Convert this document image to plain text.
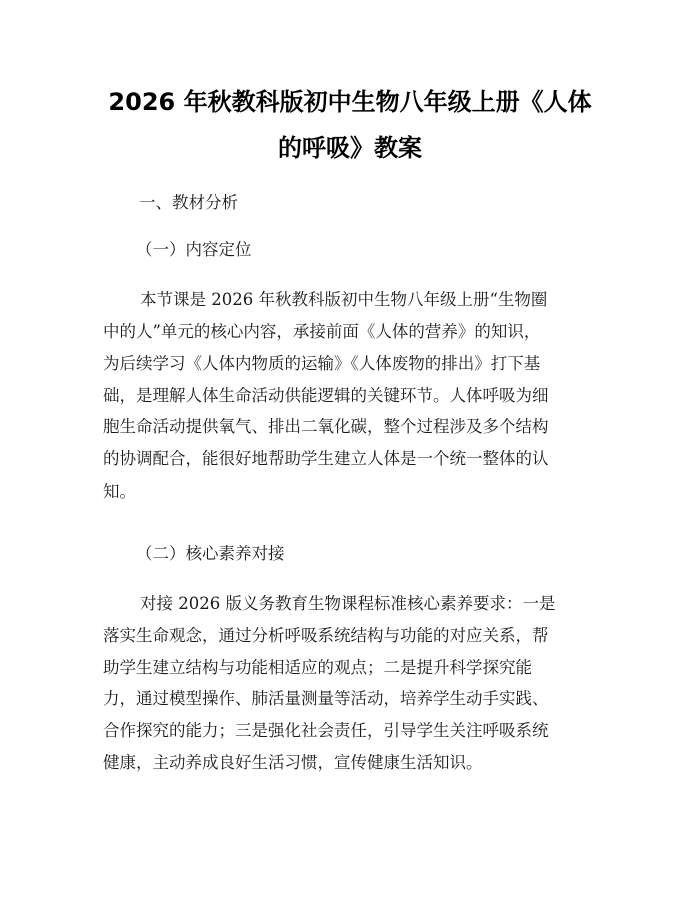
2026 年秋教科版初中生物八年级上册《人体
的呼吸》教案
一、教材分析
（一）内容定位
本节课是 2026 年秋教科版初中生物八年级上册“生物圈
中的人”单元的核心内容，承接前面《人体的营养》的知识，
为后续学习《人体内物质的运输》《人体废物的排出》打下基
础，是理解人体生命活动供能逻辑的关键环节。人体呼吸为细
胞生命活动提供氧气、排出二氧化碳，整个过程涉及多个结构
的协调配合，能很好地帮助学生建立人体是一个统一整体的认
知。
（二）核心素养对接
对接 2026 版义务教育生物课程标准核心素养要求：一是
落实生命观念，通过分析呼吸系统结构与功能的对应关系，帮
助学生建立结构与功能相适应的观点；二是提升科学探究能
力，通过模型操作、肺活量测量等活动，培养学生动手实践、
合作探究的能力；三是强化社会责任，引导学生关注呼吸系统
健康，主动养成良好生活习惯，宣传健康生活知识。
